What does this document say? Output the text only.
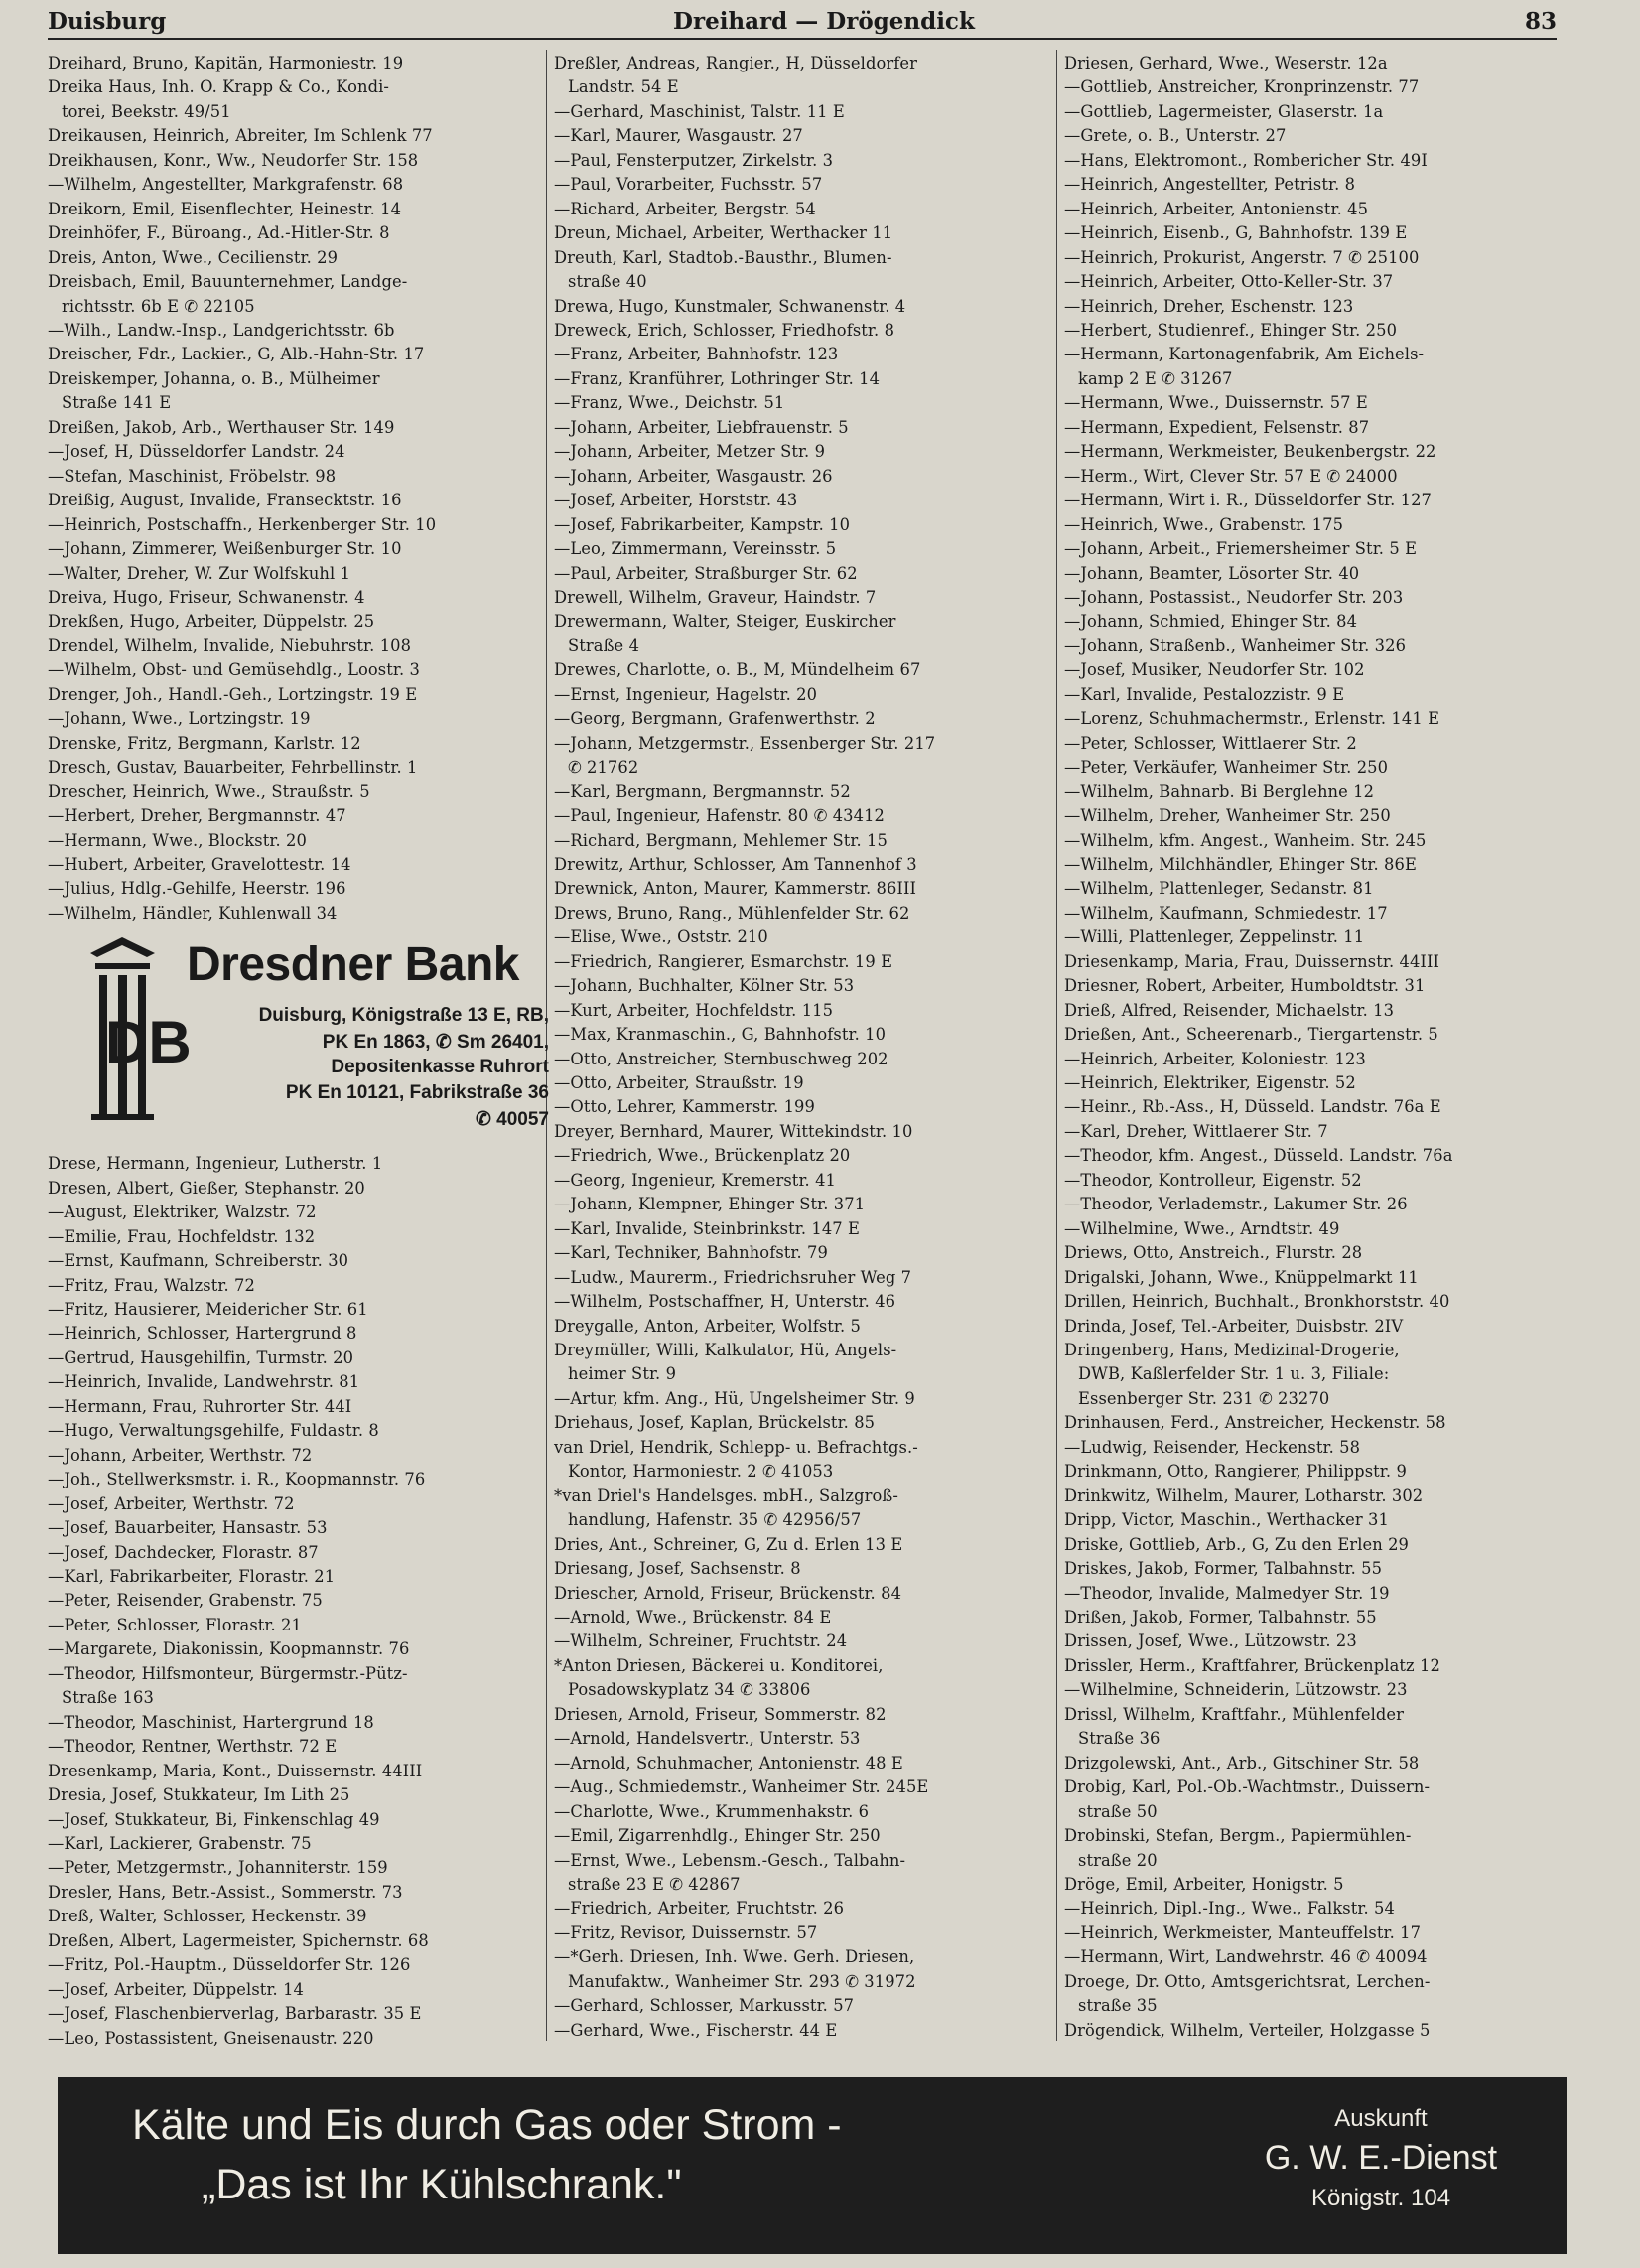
Duisburg	Dreihard — Drögendick	83
Dreihard, Bruno, Kapitän, Harmoniestr. 19
Dreika Haus, Inh. O. Krapp & Co., Kondi-
torei, Beekstr. 49/51
Dreikausen, Heinrich, Abreiter, Im Schlenk 77
Dreikhausen, Konr., Ww., Neudorfer Str. 158
—Wilhelm, Angestellter, Markgrafenstr. 68
Dreikorn, Emil, Eisenflechter, Heinestr. 14
Dreinhöfer, F., Büroang., Ad.-Hitler-Str. 8
Dreis, Anton, Wwe., Cecilienstr. 29
Dreisbach, Emil, Bauunternehmer, Landge-
richtsstr. 6b E ✆ 22105
—Wilh., Landw.-Insp., Landgerichtsstr. 6b
Dreischer, Fdr., Lackier., G, Alb.-Hahn-Str. 17
Dreiskemper, Johanna, o. B., Mülheimer
Straße 141 E
Dreißen, Jakob, Arb., Werthauser Str. 149
—Josef, H, Düsseldorfer Landstr. 24
—Stefan, Maschinist, Fröbelstr. 98
Dreißig, August, Invalide, Fransecktstr. 16
—Heinrich, Postschaffn., Herkenberger Str. 10
—Johann, Zimmerer, Weißenburger Str. 10
—Walter, Dreher, W. Zur Wolfskuhl 1
Dreiva, Hugo, Friseur, Schwanenstr. 4
Drekßen, Hugo, Arbeiter, Düppelstr. 25
Drendel, Wilhelm, Invalide, Niebuhrstr. 108
—Wilhelm, Obst- und Gemüsehdlg., Loostr. 3
Drenger, Joh., Handl.-Geh., Lortzingstr. 19 E
—Johann, Wwe., Lortzingstr. 19
Drenske, Fritz, Bergmann, Karlstr. 12
Dresch, Gustav, Bauarbeiter, Fehrbellinstr. 1
Drescher, Heinrich, Wwe., Straußstr. 5
—Herbert, Dreher, Bergmannstr. 47
—Hermann, Wwe., Blockstr. 20
—Hubert, Arbeiter, Gravelottestr. 14
—Julius, Hdlg.-Gehilfe, Heerstr. 196
—Wilhelm, Händler, Kuhlenwall 34
Drese, Hermann, Ingenieur, Lutherstr. 1
Dresen, Albert, Gießer, Stephanstr. 20
—August, Elektriker, Walzstr. 72
—Emilie, Frau, Hochfeldstr. 132
—Ernst, Kaufmann, Schreiberstr. 30
—Fritz, Frau, Walzstr. 72
—Fritz, Hausierer, Meidericher Str. 61
—Heinrich, Schlosser, Hartergrund 8
—Gertrud, Hausgehilfin, Turmstr. 20
—Heinrich, Invalide, Landwehrstr. 81
—Hermann, Frau, Ruhrorter Str. 44I
—Hugo, Verwaltungsgehilfe, Fuldastr. 8
—Johann, Arbeiter, Werthstr. 72
—Joh., Stellwerksmstr. i. R., Koopmannstr. 76
—Josef, Arbeiter, Werthstr. 72
—Josef, Bauarbeiter, Hansastr. 53
—Josef, Dachdecker, Florastr. 87
—Karl, Fabrikarbeiter, Florastr. 21
—Peter, Reisender, Grabenstr. 75
—Peter, Schlosser, Florastr. 21
—Margarete, Diakonissin, Koopmannstr. 76
—Theodor, Hilfsmonteur, Bürgermstr.-Pütz-
Straße 163
—Theodor, Maschinist, Hartergrund 18
—Theodor, Rentner, Werthstr. 72 E
Dresenkamp, Maria, Kont., Duissernstr. 44III
Dresia, Josef, Stukkateur, Im Lith 25
—Josef, Stukkateur, Bi, Finkenschlag 49
—Karl, Lackierer, Grabenstr. 75
—Peter, Metzgermstr., Johanniterstr. 159
Dresler, Hans, Betr.-Assist., Sommerstr. 73
Dreß, Walter, Schlosser, Heckenstr. 39
Dreßen, Albert, Lagermeister, Spichernstr. 68
—Fritz, Pol.-Hauptm., Düsseldorfer Str. 126
—Josef, Arbeiter, Düppelstr. 14
—Josef, Flaschenbierverlag, Barbarastr. 35 E
—Leo, Postassistent, Gneisenaustr. 220
DB
Dresdner Bank
Duisburg, Königstraße 13 E, RB,
PK En 1863, ✆ Sm 26401,
Depositenkasse Ruhrort
PK En 10121, Fabrikstraße 36
✆ 40057
Dreßler, Andreas, Rangier., H, Düsseldorfer
Landstr. 54 E
—Gerhard, Maschinist, Talstr. 11 E
—Karl, Maurer, Wasgaustr. 27
—Paul, Fensterputzer, Zirkelstr. 3
—Paul, Vorarbeiter, Fuchsstr. 57
—Richard, Arbeiter, Bergstr. 54
Dreun, Michael, Arbeiter, Werthacker 11
Dreuth, Karl, Stadtob.-Bausthr., Blumen-
straße 40
Drewa, Hugo, Kunstmaler, Schwanenstr. 4
Dreweck, Erich, Schlosser, Friedhofstr. 8
—Franz, Arbeiter, Bahnhofstr. 123
—Franz, Kranführer, Lothringer Str. 14
—Franz, Wwe., Deichstr. 51
—Johann, Arbeiter, Liebfrauenstr. 5
—Johann, Arbeiter, Metzer Str. 9
—Johann, Arbeiter, Wasgaustr. 26
—Josef, Arbeiter, Horststr. 43
—Josef, Fabrikarbeiter, Kampstr. 10
—Leo, Zimmermann, Vereinsstr. 5
—Paul, Arbeiter, Straßburger Str. 62
Drewell, Wilhelm, Graveur, Haindstr. 7
Drewermann, Walter, Steiger, Euskircher
Straße 4
Drewes, Charlotte, o. B., M, Mündelheim 67
—Ernst, Ingenieur, Hagelstr. 20
—Georg, Bergmann, Grafenwerthstr. 2
—Johann, Metzgermstr., Essenberger Str. 217
✆ 21762
—Karl, Bergmann, Bergmannstr. 52
—Paul, Ingenieur, Hafenstr. 80 ✆ 43412
—Richard, Bergmann, Mehlemer Str. 15
Drewitz, Arthur, Schlosser, Am Tannenhof 3
Drewnick, Anton, Maurer, Kammerstr. 86III
Drews, Bruno, Rang., Mühlenfelder Str. 62
—Elise, Wwe., Oststr. 210
—Friedrich, Rangierer, Esmarchstr. 19 E
—Johann, Buchhalter, Kölner Str. 53
—Kurt, Arbeiter, Hochfeldstr. 115
—Max, Kranmaschin., G, Bahnhofstr. 10
—Otto, Anstreicher, Sternbuschweg 202
—Otto, Arbeiter, Straußstr. 19
—Otto, Lehrer, Kammerstr. 199
Dreyer, Bernhard, Maurer, Wittekindstr. 10
—Friedrich, Wwe., Brückenplatz 20
—Georg, Ingenieur, Kremerstr. 41
—Johann, Klempner, Ehinger Str. 371
—Karl, Invalide, Steinbrinkstr. 147 E
—Karl, Techniker, Bahnhofstr. 79
—Ludw., Maurerm., Friedrichsruher Weg 7
—Wilhelm, Postschaffner, H, Unterstr. 46
Dreygalle, Anton, Arbeiter, Wolfstr. 5
Dreymüller, Willi, Kalkulator, Hü, Angels-
heimer Str. 9
—Artur, kfm. Ang., Hü, Ungelsheimer Str. 9
Driehaus, Josef, Kaplan, Brückelstr. 85
van Driel, Hendrik, Schlepp- u. Befrachtgs.-
Kontor, Harmoniestr. 2 ✆ 41053
*van Driel's Handelsges. mbH., Salzgroß-
handlung, Hafenstr. 35 ✆ 42956/57
Dries, Ant., Schreiner, G, Zu d. Erlen 13 E
Driesang, Josef, Sachsenstr. 8
Driescher, Arnold, Friseur, Brückenstr. 84
—Arnold, Wwe., Brückenstr. 84 E
—Wilhelm, Schreiner, Fruchtstr. 24
*Anton Driesen, Bäckerei u. Konditorei,
Posadowskyplatz 34 ✆ 33806
Driesen, Arnold, Friseur, Sommerstr. 82
—Arnold, Handelsvertr., Unterstr. 53
—Arnold, Schuhmacher, Antonienstr. 48 E
—Aug., Schmiedemstr., Wanheimer Str. 245E
—Charlotte, Wwe., Krummenhakstr. 6
—Emil, Zigarrenhdlg., Ehinger Str. 250
—Ernst, Wwe., Lebensm.-Gesch., Talbahn-
straße 23 E ✆ 42867
—Friedrich, Arbeiter, Fruchtstr. 26
—Fritz, Revisor, Duissernstr. 57
—*Gerh. Driesen, Inh. Wwe. Gerh. Driesen,
Manufaktw., Wanheimer Str. 293 ✆ 31972
—Gerhard, Schlosser, Markusstr. 57
—Gerhard, Wwe., Fischerstr. 44 E
Driesen, Gerhard, Wwe., Weserstr. 12a
—Gottlieb, Anstreicher, Kronprinzenstr. 77
—Gottlieb, Lagermeister, Glaserstr. 1a
—Grete, o. B., Unterstr. 27
—Hans, Elektromont., Rombericher Str. 49I
—Heinrich, Angestellter, Petristr. 8
—Heinrich, Arbeiter, Antonienstr. 45
—Heinrich, Eisenb., G, Bahnhofstr. 139 E
—Heinrich, Prokurist, Angerstr. 7 ✆ 25100
—Heinrich, Arbeiter, Otto-Keller-Str. 37
—Heinrich, Dreher, Eschenstr. 123
—Herbert, Studienref., Ehinger Str. 250
—Hermann, Kartonagenfabrik, Am Eichels-
kamp 2 E ✆ 31267
—Hermann, Wwe., Duissernstr. 57 E
—Hermann, Expedient, Felsenstr. 87
—Hermann, Werkmeister, Beukenbergstr. 22
—Herm., Wirt, Clever Str. 57 E ✆ 24000
—Hermann, Wirt i. R., Düsseldorfer Str. 127
—Heinrich, Wwe., Grabenstr. 175
—Johann, Arbeit., Friemersheimer Str. 5 E
—Johann, Beamter, Lösorter Str. 40
—Johann, Postassist., Neudorfer Str. 203
—Johann, Schmied, Ehinger Str. 84
—Johann, Straßenb., Wanheimer Str. 326
—Josef, Musiker, Neudorfer Str. 102
—Karl, Invalide, Pestalozzistr. 9 E
—Lorenz, Schuhmachermstr., Erlenstr. 141 E
—Peter, Schlosser, Wittlaerer Str. 2
—Peter, Verkäufer, Wanheimer Str. 250
—Wilhelm, Bahnarb. Bi Berglehne 12
—Wilhelm, Dreher, Wanheimer Str. 250
—Wilhelm, kfm. Angest., Wanheim. Str. 245
—Wilhelm, Milchhändler, Ehinger Str. 86E
—Wilhelm, Plattenleger, Sedanstr. 81
—Wilhelm, Kaufmann, Schmiedestr. 17
—Willi, Plattenleger, Zeppelinstr. 11
Driesenkamp, Maria, Frau, Duissernstr. 44III
Driesner, Robert, Arbeiter, Humboldtstr. 31
Drieß, Alfred, Reisender, Michaelstr. 13
Drießen, Ant., Scheerenarb., Tiergartenstr. 5
—Heinrich, Arbeiter, Koloniestr. 123
—Heinrich, Elektriker, Eigenstr. 52
—Heinr., Rb.-Ass., H, Düsseld. Landstr. 76a E
—Karl, Dreher, Wittlaerer Str. 7
—Theodor, kfm. Angest., Düsseld. Landstr. 76a
—Theodor, Kontrolleur, Eigenstr. 52
—Theodor, Verlademstr., Lakumer Str. 26
—Wilhelmine, Wwe., Arndtstr. 49
Driews, Otto, Anstreich., Flurstr. 28
Drigalski, Johann, Wwe., Knüppelmarkt 11
Drillen, Heinrich, Buchhalt., Bronkhorststr. 40
Drinda, Josef, Tel.-Arbeiter, Duisbstr. 2IV
Dringenberg, Hans, Medizinal-Drogerie,
DWB, Kaßlerfelder Str. 1 u. 3, Filiale:
Essenberger Str. 231 ✆ 23270
Drinhausen, Ferd., Anstreicher, Heckenstr. 58
—Ludwig, Reisender, Heckenstr. 58
Drinkmann, Otto, Rangierer, Philippstr. 9
Drinkwitz, Wilhelm, Maurer, Lotharstr. 302
Dripp, Victor, Maschin., Werthacker 31
Driske, Gottlieb, Arb., G, Zu den Erlen 29
Driskes, Jakob, Former, Talbahnstr. 55
—Theodor, Invalide, Malmedyer Str. 19
Drißen, Jakob, Former, Talbahnstr. 55
Drissen, Josef, Wwe., Lützowstr. 23
Drissler, Herm., Kraftfahrer, Brückenplatz 12
—Wilhelmine, Schneiderin, Lützowstr. 23
Drissl, Wilhelm, Kraftfahr., Mühlenfelder
Straße 36
Drizgolewski, Ant., Arb., Gitschiner Str. 58
Drobig, Karl, Pol.-Ob.-Wachtmstr., Duissern-
straße 50
Drobinski, Stefan, Bergm., Papiermühlen-
straße 20
Dröge, Emil, Arbeiter, Honigstr. 5
—Heinrich, Dipl.-Ing., Wwe., Falkstr. 54
—Heinrich, Werkmeister, Manteuffelstr. 17
—Hermann, Wirt, Landwehrstr. 46 ✆ 40094
Droege, Dr. Otto, Amtsgerichtsrat, Lerchen-
straße 35
Drögendick, Wilhelm, Verteiler, Holzgasse 5
Kälte und Eis durch Gas oder Strom -
„Das ist Ihr Kühlschrank."
Auskunft
G. W. E.-Dienst
Königstr. 104
